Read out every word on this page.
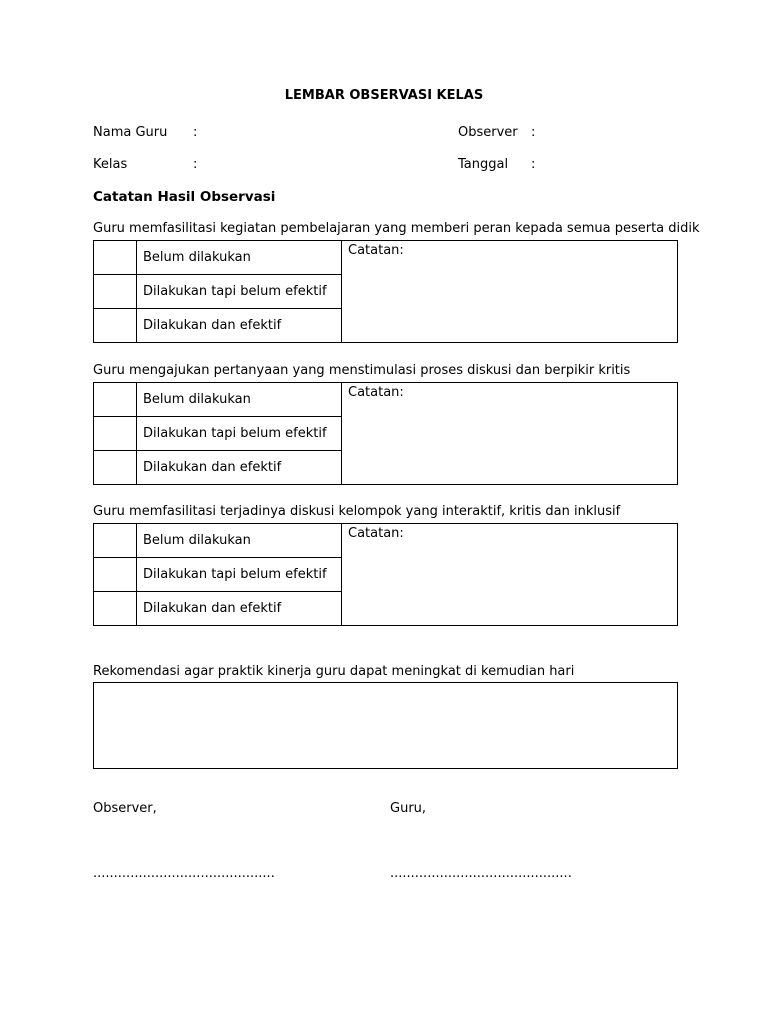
LEMBAR OBSERVASI KELAS
Nama Guru :	Observer :
Kelas	:	Tanggal :
Catatan Hasil Observasi
Guru memfasilitasi kegiatan pembelajaran yang memberi peran kepada semua peserta didik
	Belum dilakukan	Catatan:
	Dilakukan tapi belum efektif	
	Dilakukan dan efektif	
Guru mengajukan pertanyaan yang menstimulasi proses diskusi dan berpikir kritis
	Belum dilakukan	Catatan:
	Dilakukan tapi belum efektif	
	Dilakukan dan efektif	
Guru memfasilitasi terjadinya diskusi kelompok yang interaktif, kritis dan inklusif
	Belum dilakukan	Catatan:
	Dilakukan tapi belum efektif	
	Dilakukan dan efektif	
Rekomendasi agar praktik kinerja guru dapat meningkat di kemudian hari
Observer,	Guru,
............................................	............................................
